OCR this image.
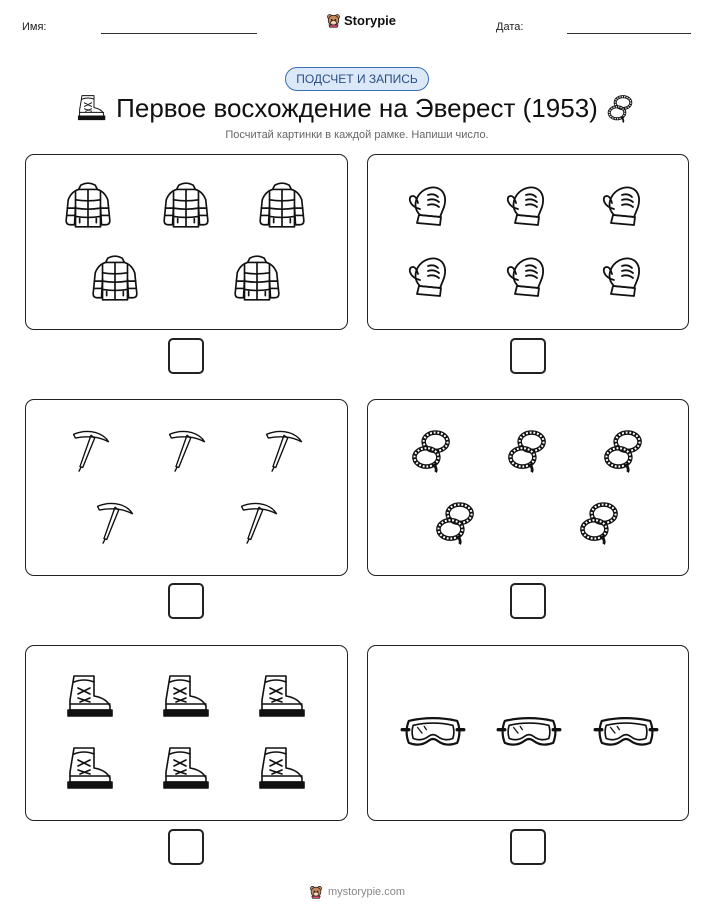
Имя:	Storypie	Дата:
ПОДСЧЕТ И ЗАПИСЬ
Первое восхождение на Эверест (1953)
Посчитай картинки в каждой рамке. Напиши число.
mystorypie.com
